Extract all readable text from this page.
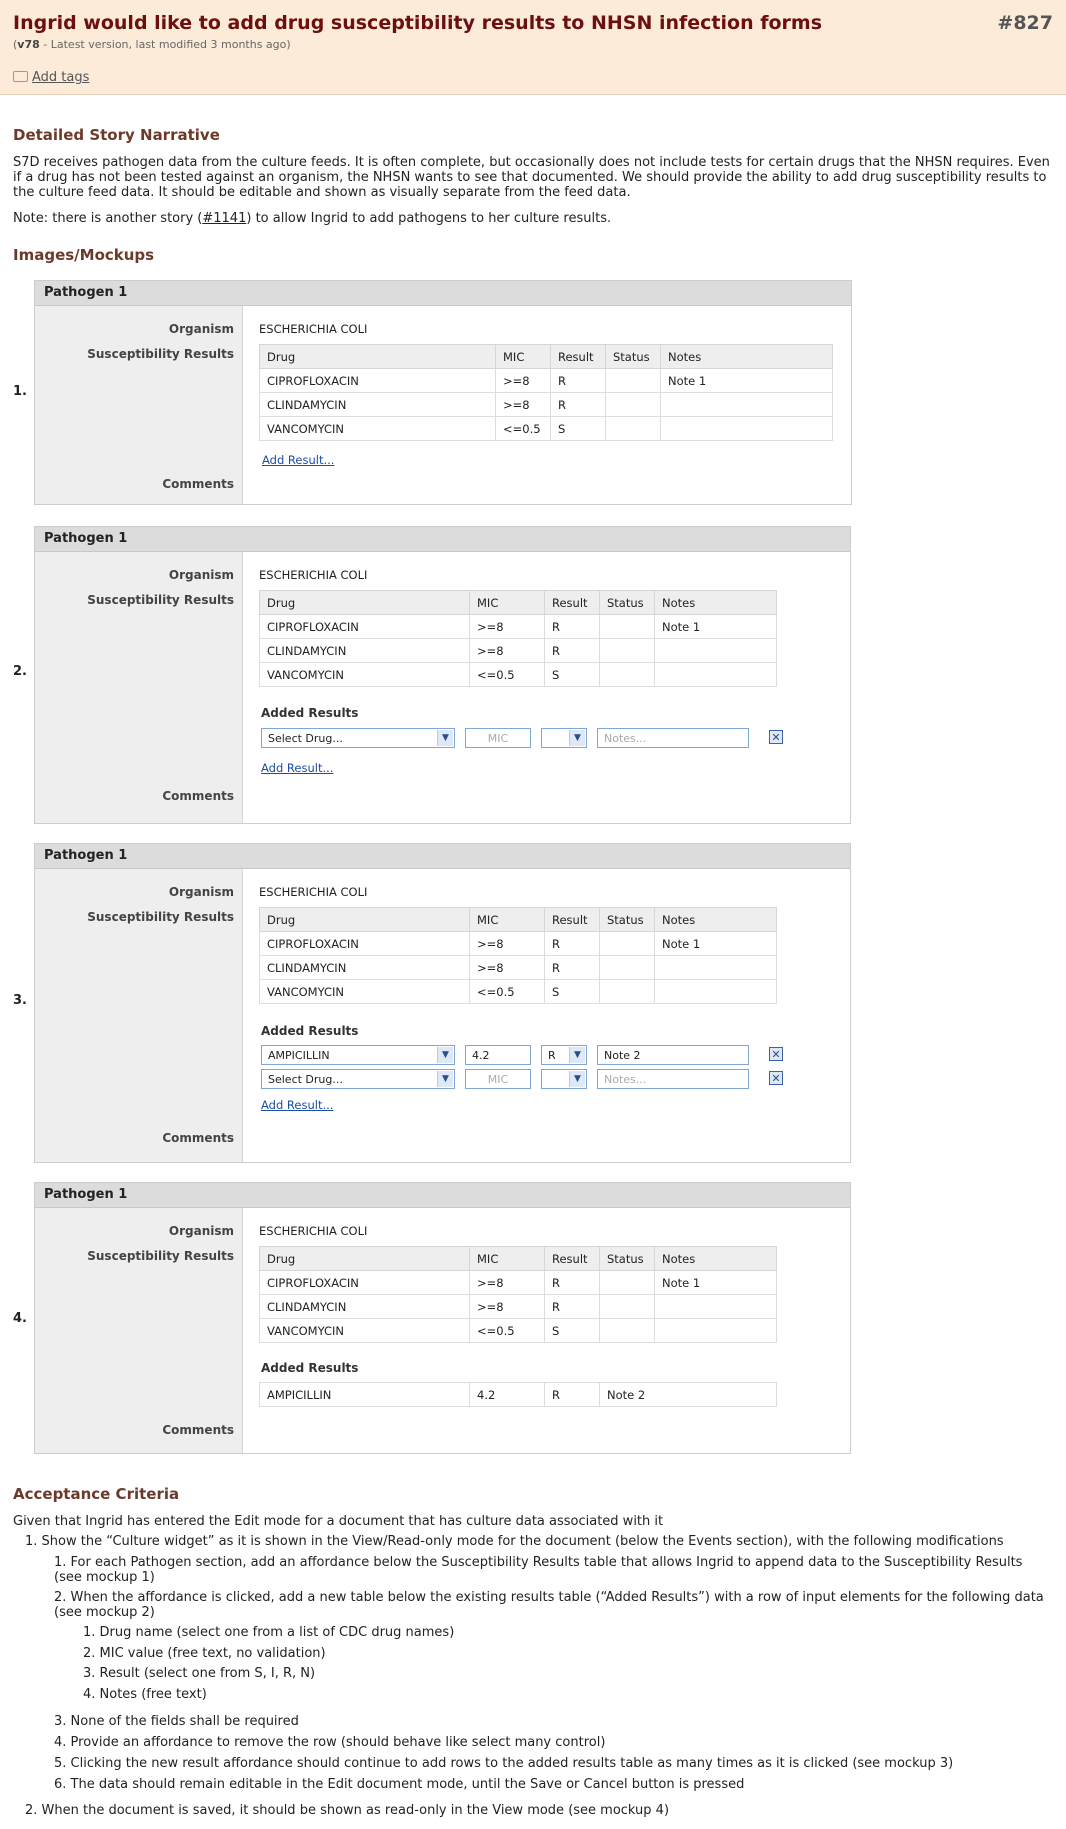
Ingrid would like to add drug susceptibility results to NHSN infection forms	#827
(v78 - Latest version, last modified 3 months ago)
Add tags
Detailed Story Narrative

S7D receives pathogen data from the culture feeds. It is often complete, but occasionally does not include tests for certain drugs that the NHSN requires. Even if a drug has not been tested against an organism, the NHSN wants to see that documented. We should provide the ability to add drug susceptibility results to the culture feed data. It should be editable and shown as visually separate from the feed data.

Note: there is another story (#1141) to allow Ingrid to add pathogens to her culture results.

Images/Mockups
1.
Pathogen 1
Organism	ESCHERICHIA COLI
Susceptibility Results	Drug	MIC	Result	Status	Notes
CIPROFLOXACIN	>=8	R		Note 1
CLINDAMYCIN	>=8	R		
VANCOMYCIN	<=0.5	S		
Add Result...
Comments
2.
Pathogen 1
Organism	ESCHERICHIA COLI
Susceptibility Results	Drug	MIC	Result	Status	Notes
CIPROFLOXACIN	>=8	R		Note 1
CLINDAMYCIN	>=8	R		
VANCOMYCIN	<=0.5	S		
Added Results
Select Drug...	▼	MIC	▼	Notes...	✕
Add Result...
Comments
3.
Pathogen 1
Organism	ESCHERICHIA COLI
Susceptibility Results	Drug	MIC	Result	Status	Notes
CIPROFLOXACIN	>=8	R		Note 1
CLINDAMYCIN	>=8	R		
VANCOMYCIN	<=0.5	S		
Added Results
AMPICILLIN	▼	4.2	R	▼	Note 2	✕
Select Drug...	▼	MIC	▼	Notes...	✕
Add Result...
Comments
4.
Pathogen 1
Organism	ESCHERICHIA COLI
Susceptibility Results	Drug	MIC	Result	Status	Notes
CIPROFLOXACIN	>=8	R		Note 1
CLINDAMYCIN	>=8	R		
VANCOMYCIN	<=0.5	S		
Added Results
AMPICILLIN	4.2	R	Note 2
Comments
Acceptance Criteria
Given that Ingrid has entered the Edit mode for a document that has culture data associated with it
1. Show the “Culture widget” as it is shown in the View/Read-only mode for the document (below the Events section), with the following modifications
1. For each Pathogen section, add an affordance below the Susceptibility Results table that allows Ingrid to append data to the Susceptibility Results (see mockup 1)
2. When the affordance is clicked, add a new table below the existing results table (“Added Results”) with a row of input elements for the following data (see mockup 2)
1. Drug name (select one from a list of CDC drug names)
2. MIC value (free text, no validation)
3. Result (select one from S, I, R, N)
4. Notes (free text)
3. None of the fields shall be required
4. Provide an affordance to remove the row (should behave like select many control)
5. Clicking the new result affordance should continue to add rows to the added results table as many times as it is clicked (see mockup 3)
6. The data should remain editable in the Edit document mode, until the Save or Cancel button is pressed
2. When the document is saved, it should be shown as read-only in the View mode (see mockup 4)
